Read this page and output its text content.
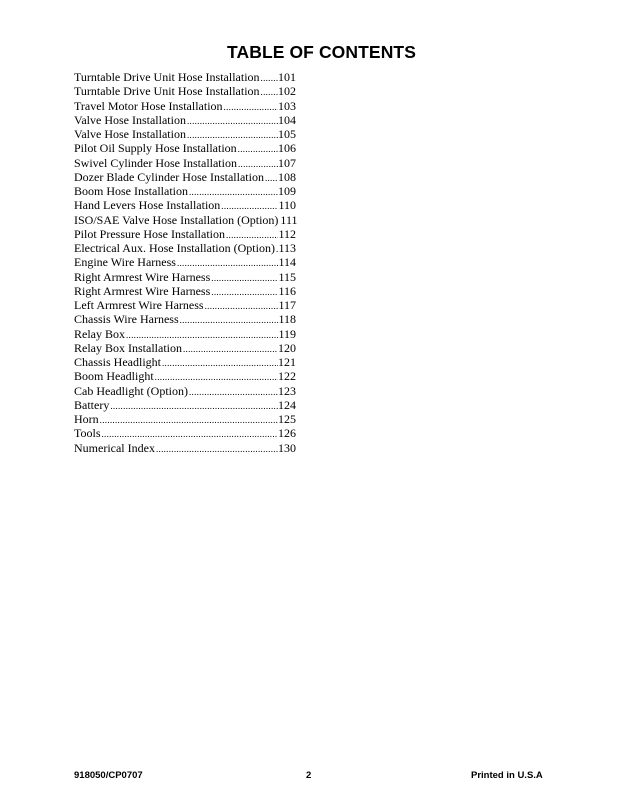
TABLE OF CONTENTS
Turntable Drive Unit Hose Installation ..... 101
Turntable Drive Unit Hose Installation ..... 102
Travel Motor Hose Installation .....	103
Valve Hose Installation .....	104
Valve Hose Installation .....	105
Pilot Oil Supply Hose Installation .....	106
Swivel Cylinder Hose Installation .....	107
Dozer Blade Cylinder Hose Installation ..... 108
Boom Hose Installation .....	109
Hand Levers Hose Installation .....	110
ISO/SAE Valve Hose Installation (Option) ..... 111
Pilot Pressure Hose Installation .....	112
Electrical Aux. Hose Installation (Option) ..... 113
Engine Wire Harness .....	114
Right Armrest Wire Harness .....	115
Right Armrest Wire Harness .....	116
Left Armrest Wire Harness .....	117
Chassis Wire Harness .....	118
Relay Box .....	119
Relay Box Installation .....	120
Chassis Headlight .....	121
Boom Headlight .....	122
Cab Headlight (Option) .....	123
Battery .....	124
Horn .....	125
Tools .....	126
Numerical Index .....	130
918050/CP0707	2	Printed in U.S.A
